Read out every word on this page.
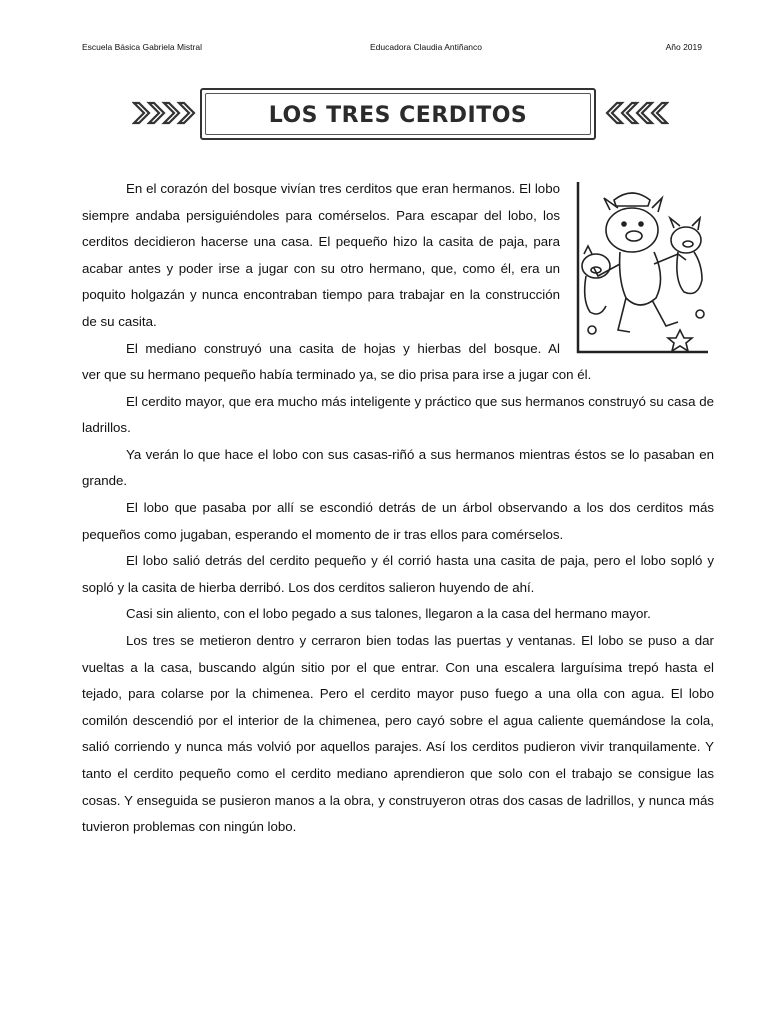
Escuela Básica Gabriela Mistral	Educadora Claudia Antiñanco	Año 2019
LOS TRES CERDITOS

En el corazón del bosque vivían tres cerditos que eran hermanos. El lobo siempre andaba persiguiéndoles para comérselos. Para escapar del lobo, los cerditos decidieron hacerse una casa. El pequeño hizo la casita de paja, para acabar antes y poder irse a jugar con su otro hermano, que, como él, era un poquito holgazán y nunca encontraban tiempo para trabajar en la construcción de su casita.

El mediano construyó una casita de hojas y hierbas del bosque. Al

ver que su hermano pequeño había terminado ya, se dio prisa para irse a jugar con él.

El cerdito mayor, que era mucho más inteligente y práctico que sus hermanos construyó su casa de ladrillos.

Ya verán lo que hace el lobo con sus casas-riñó a sus hermanos mientras éstos se lo pasaban en grande.

El lobo que pasaba por allí se escondió detrás de un árbol observando a los dos cerditos más pequeños como jugaban, esperando el momento de ir tras ellos para comérselos.

El lobo salió detrás del cerdito pequeño y él corrió hasta una casita de paja, pero el lobo sopló y sopló y la casita de hierba derribó. Los dos cerditos salieron huyendo de ahí.

Casi sin aliento, con el lobo pegado a sus talones, llegaron a la casa del hermano mayor.

Los tres se metieron dentro y cerraron bien todas las puertas y ventanas. El lobo se puso a dar vueltas a la casa, buscando algún sitio por el que entrar. Con una escalera larguísima trepó hasta el tejado, para colarse por la chimenea. Pero el cerdito mayor puso fuego a una olla con agua. El lobo comilón descendió por el interior de la chimenea, pero cayó sobre el agua caliente quemándose la cola, salió corriendo y nunca más volvió por aquellos parajes. Así los cerditos pudieron vivir tranquilamente. Y tanto el cerdito pequeño como el cerdito mediano aprendieron que solo con el trabajo se consigue las cosas. Y enseguida se pusieron manos a la obra, y construyeron otras dos casas de ladrillos, y nunca más tuvieron problemas con ningún lobo.
